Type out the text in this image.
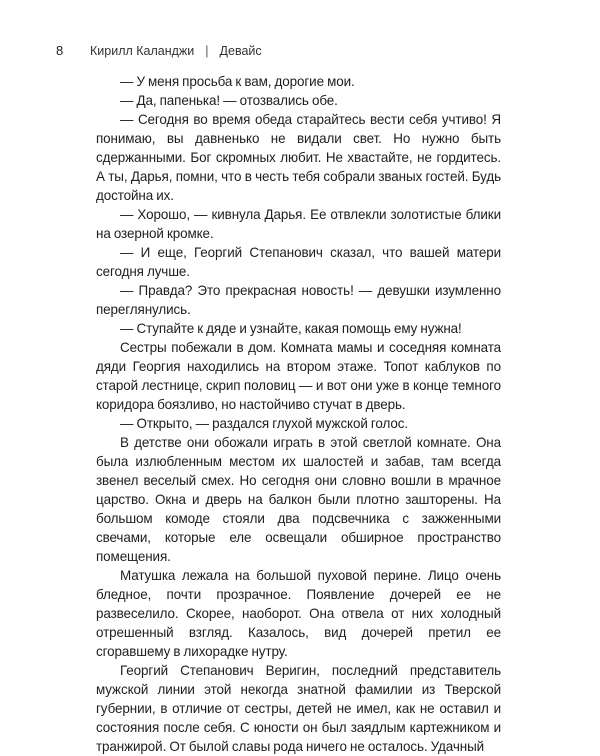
8	Кирилл Каланджи | Девайс

— У меня просьба к вам, дорогие мои.

— Да, папенька! — отозвались обе.

— Сегодня во время обеда старайтесь вести себя учтиво! Я понимаю, вы давненько не видали свет. Но нужно быть сдержанными. Бог скромных любит. Не хвастайте, не гордитесь. А ты, Дарья, помни, что в честь тебя собрали званых гостей. Будь достойна их.

— Хорошо, — кивнула Дарья. Ее отвлекли золотистые блики на озерной кромке.

— И еще, Георгий Степанович сказал, что вашей матери сегодня лучше.

— Правда? Это прекрасная новость! — девушки изумленно переглянулись.

— Ступайте к дяде и узнайте, какая помощь ему нужна!

Сестры побежали в дом. Комната мамы и соседняя комната дяди Георгия находились на втором этаже. Топот каблуков по старой лестнице, скрип половиц — и вот они уже в конце темного коридора боязливо, но настойчиво стучат в дверь.

— Открыто, — раздался глухой мужской голос.

В детстве они обожали играть в этой светлой комнате. Она была излюбленным местом их шалостей и забав, там всегда звенел веселый смех. Но сегодня они словно вошли в мрачное царство. Окна и дверь на балкон были плотно зашторены. На большом комоде стояли два подсвечника с зажженными свечами, которые еле освещали обширное пространство помещения.

Матушка лежала на большой пуховой перине. Лицо очень бледное, почти прозрачное. Появление дочерей ее не развеселило. Скорее, наоборот. Она отвела от них холодный отрешенный взгляд. Казалось, вид дочерей претил ее сгоравшему в лихорадке нутру.

Георгий Степанович Веригин, последний представитель мужской линии этой некогда знатной фамилии из Тверской губернии, в отличие от сестры, детей не имел, как не оставил и состояния после себя. С юности он был заядлым картежником и транжирой. От былой славы рода ничего не осталось. Удачный
